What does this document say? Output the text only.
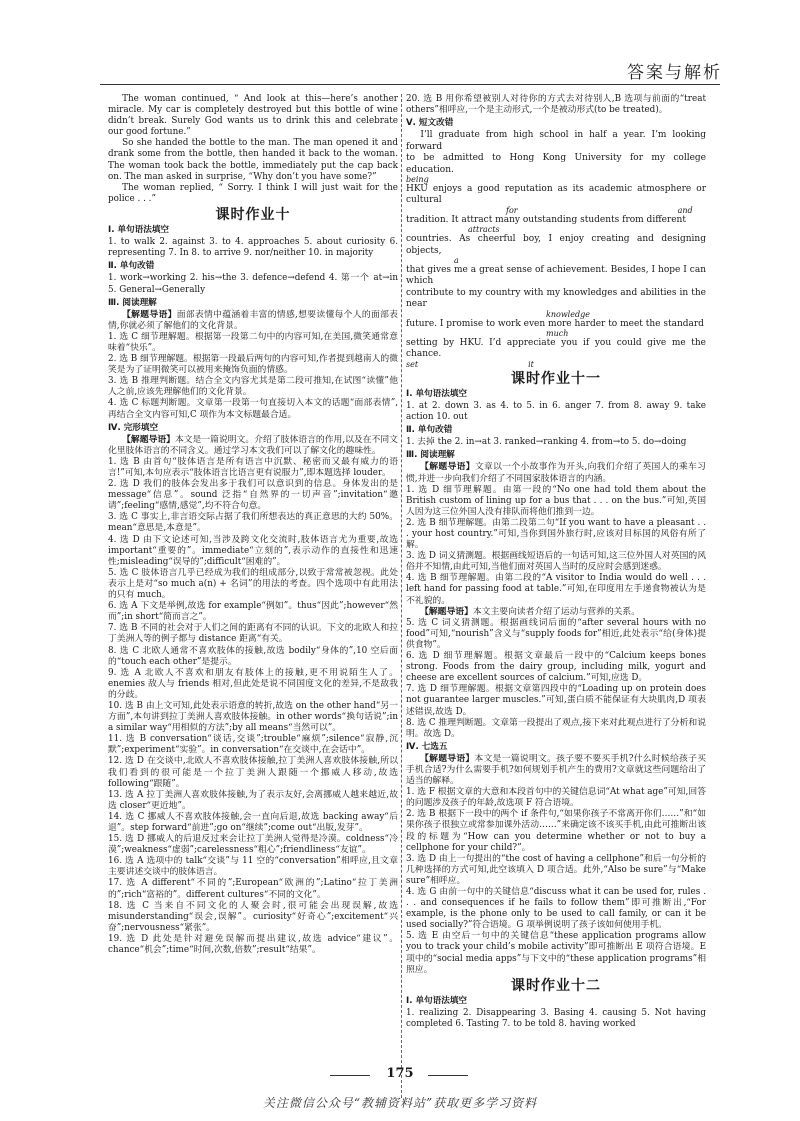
答案与解析

The woman continued, “ And look at this—here’s another miracle. My car is completely destroyed but this bottle of wine didn’t break. Surely God wants us to drink this and celebrate our good fortune.”

So she handed the bottle to the man. The man opened it and drank some from the bottle, then handed it back to the woman. The woman took back the bottle, immediately put the cap back on. The man asked in surprise, “Why don’t you have some?”

The woman replied, “ Sorry. I think I will just wait for the police . . .”

课时作业十
Ⅰ. 单句语法填空

1. to walk 2. against 3. to 4. approaches 5. about curiosity 6. representing 7. In 8. to arrive 9. nor/neither 10. in majority

Ⅱ. 单句改错

1. work→working 2. his→the 3. defence→defend 4. 第一个 at→in 5. General→Generally

Ⅲ. 阅读理解

【解题导语】面部表情中蕴涵着丰富的情感,想要读懂每个人的面部表情,你就必须了解他们的文化背景。

1. 选 C 细节理解题。根据第一段第二句中的内容可知,在美国,微笑通常意味着“快乐”。

2. 选 B 细节理解题。根据第一段最后两句的内容可知,作者提到越南人的微笑是为了证明微笑可以被用来掩饰负面的情感。

3. 选 B 推理判断题。结合全文内容尤其是第二段可推知,在试图“读懂”他人之前,应该先理解他们的文化背景。

4. 选 C 标题判断题。文章第一段第一句直接切入本文的话题“面部表情”,再结合全文内容可知,C 项作为本文标题最合适。

Ⅳ. 完形填空

【解题导语】本文是一篇说明文。介绍了肢体语言的作用,以及在不同文化里肢体语言的不同含义。通过学习本文我们可以了解文化的趣味性。

1. 选 B 由首句“肢体语言是所有语言中沉默、秘密而又最有威力的语言!”可知,本句应表示“肢体语言比语言更有说服力”,即本题选择 louder。

2. 选 D 我们的肢体会发出多于我们可以意识到的信息。身体发出的是 message“信息”。sound 泛指“自然界的一切声音”;invitation“邀请”;feeling“感情,感觉”,均不符合句意。

3. 选 C 事实上,非言语交际占据了我们所想表达的真正意思的大约 50%。mean“意思是,本意是”。

4. 选 D 由下文论述可知,当涉及跨文化交流时,肢体语言尤为重要,故选 important“重要的”。immediate“立刻的”,表示动作的直接性和迅速性;misleading“误导的”;difficult“困难的”。

5. 选 C 肢体语言几乎已经成为我们的组成部分,以致于常常被忽视。此处表示上是对“so much a(n) + 名词”的用法的考查。四个选项中有此用法的只有 much。

6. 选 A 下文是举例,故选 for example“例如”。thus“因此”;however“然而”;in short“简而言之”。

7. 选 B 不同的社会对于人们之间的距离有不同的认识。下文的北欧人和拉丁美洲人等的例子都与 distance 距离“有关。

8. 选 C 北欧人通常不喜欢肢体的接触,故选 bodily“身体的”,10 空后面的“touch each other”是提示。

9. 选 A 北欧人不喜欢和朋友有肢体上的接触,更不用说陌生人了。enemies 敌人与 friends 相对,但此处是说不同国度文化的差异,不是敌我的分歧。

10. 选 B 由上文可知,此处表示语意的转折,故选 on the other hand“另一方面”,本句讲到拉丁美洲人喜欢肢体接触。in other words“换句话说”;in a similar way“用相似的方法”;by all means“当然可以”。

11. 选 B conversation“谈话,交谈”;trouble“麻烦”;silence“寂静,沉默”;experiment“实验”。in conversation“在交谈中,在会话中”。

12. 选 D 在交谈中,北欧人不喜欢肢体接触,拉丁美洲人喜欢肢体接触,所以我们看到的很可能是一个拉丁美洲人跟随一个挪威人移动,故选 following“跟随”。

13. 选 A 拉丁美洲人喜欢肢体接触,为了表示友好,会离挪威人越来越近,故选 closer“更近地”。

14. 选 C 挪威人不喜欢肢体接触,会一直向后退,故选 backing away“后退”。step forward“前进”;go on“继续”;come out“出版,发芽”。

15. 选 D 挪威人的后退反过来会让拉丁美洲人觉得是冷漠。coldness“冷漠”;weakness“虚弱”;carelessness“粗心”;friendliness“友谊”。

16. 选 A 选项中的 talk“交谈”与 11 空的“conversation”相呼应,且文章主要讲述交谈中的肢体语言。

17. 选 A different“不同的”;European“欧洲的”;Latino“拉丁美洲的”;rich“富裕的”。different cultures“不同的文化”。

18. 选 C 当来自不同文化的人聚会时,很可能会出现误解,故选 misunderstanding“误会,误解”。curiosity“好奇心”;excitement“兴奋”;nervousness“紧张”。

19. 选 D 此处是针对避免误解而提出建议,故选 advice“建议”。chance“机会”;time“时间,次数,倍数”;result“结果”。

20. 选 B 用你希望被别人对待你的方式去对待别人,B 选项与前面的“treat others”相呼应,一个是主动形式,一个是被动形式(to be treated)。

Ⅴ. 短文改错

I’ll graduate from high school in half a year. I’m looking forward

to be admitted to Hong Kong University for my college education.

being

HKU enjoys a good reputation as its academic atmosphere or cultural

for	and

tradition. It attract many outstanding students from different

attracts

countries. As cheerful boy, I enjoy creating and designing objects,

a

that gives me a great sense of achievement. Besides, I hope I can which

contribute to my country with my knowledges and abilities in the near

knowledge

future. I promise to work even more harder to meet the standard

much

setting by HKU. I’d appreciate you if you could give me the chance.

set	it

课时作业十一
Ⅰ. 单句语法填空

1. at 2. down 3. as 4. to 5. in 6. anger 7. from 8. away 9. take action 10. out

Ⅱ. 单句改错

1. 去掉 the 2. in→at 3. ranked→ranking 4. from→to 5. do→doing

Ⅲ. 阅读理解

【解题导语】文章以一个小故事作为开头,向我们介绍了英国人的乘车习惯,并进一步向我们介绍了不同国家肢体语言的内涵。

1. 选 D 细节理解题。由第一段的“No one had told them about the British custom of lining up for a bus that . . . on the bus.”可知,英国人因为这三位外国人没有排队而将他们推到一边。

2. 选 B 细节理解题。由第二段第二句“If you want to have a pleasant . . . your host country.”可知,当你到国外旅行时,应该对目标国的风俗有所了解。

3. 选 D 词义猜测题。根据画线短语后的一句话可知,这三位外国人对英国的风俗并不知情,由此可知,当他们面对英国人当时的反应时会感到迷惑。

4. 选 B 细节理解题。由第二段的“A visitor to India would do well . . . left hand for passing food at table.”可知,在印度用左手递食物被认为是不礼貌的。

【解题导语】本文主要向读者介绍了运动与营养的关系。

5. 选 C 词义猜测题。根据画线词后面的“after several hours with no food”可知,“nourish”含义与“supply foods for”相近,此处表示“给(身体)提供食物”。

6. 选 D 细节理解题。根据文章最后一段中的“Calcium keeps bones strong. Foods from the dairy group, including milk, yogurt and cheese are excellent sources of calcium.”可知,应选 D。

7. 选 D 细节理解题。根据文章第四段中的“Loading up on protein does not guarantee larger muscles.”可知,蛋白质不能保证有大块肌肉,D 项表述错误,故选 D。

8. 选 C 推理判断题。文章第一段提出了观点,接下来对此观点进行了分析和说明。故选 D。

Ⅳ. 七选五

【解题导语】本文是一篇说明文。孩子要不要买手机?什么时候给孩子买手机合适?为什么需要手机?如何规划手机产生的费用?文章就这些问题给出了适当的解释。

1. 选 F 根据文章的大意和本段首句中的关键信息词“At what age”可知,回答的问题涉及孩子的年龄,故选项 F 符合语境。

2. 选 B 根据下一段中的两个 if 条件句,“如果你孩子不常离开你们……”和“如果你孩子很独立或常参加课外活动……”来确定该不该买手机,由此可推断出该段的标题为“How can you determine whether or not to buy a cellphone for your child?”。

3. 选 D 由上一句提出的“the cost of having a cellphone”和后一句分析的几种选择的方式可知,此空该填入 D 项合适。此外,“Also be sure”与“Make sure”相呼应。

4. 选 G 由前一句中的关键信息“discuss what it can be used for, rules . . . and consequences if he fails to follow them”即可推断出,“For example, is the phone only to be used to call family, or can it be used socially?”符合语境。G 项举例说明了孩子该如何使用手机。

5. 选 E 由空后一句中的关键信息“these application programs allow you to track your child’s mobile activity”即可推断出 E 项符合语境。E 项中的“social media apps”与下文中的“these application programs”相照应。

课时作业十二
Ⅰ. 单句语法填空

1. realizing 2. Disappearing 3. Basing 4. causing 5. Not having completed 6. Tasting 7. to be told 8. having worked

175
关注微信公众号“教辅资料站”获取更多学习资料
